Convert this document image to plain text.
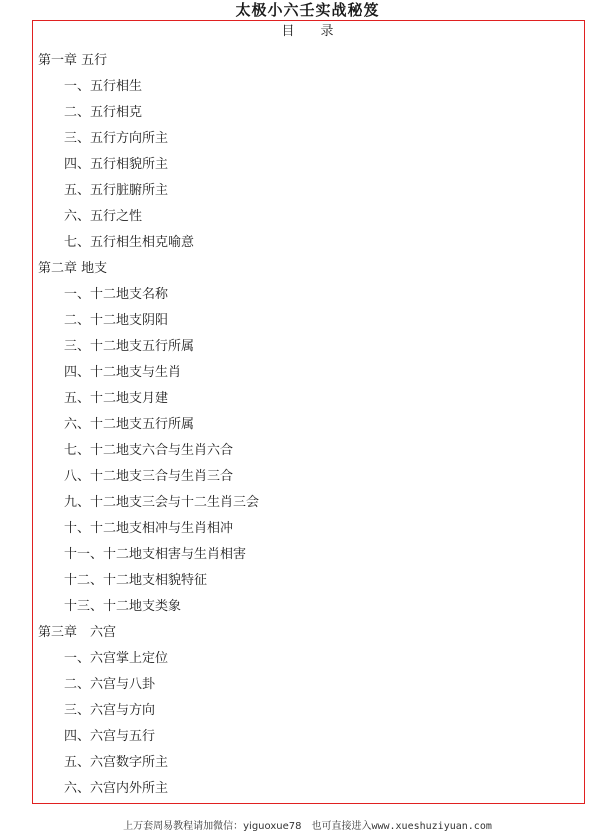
太极小六壬实战秘笈
目录
第一章 五行
一、五行相生
二、五行相克
三、五行方向所主
四、五行相貌所主
五、五行脏腑所主
六、五行之性
七、五行相生相克喻意
第二章 地支
一、十二地支名称
二、十二地支阴阳
三、十二地支五行所属
四、十二地支与生肖
五、十二地支月建
六、十二地支五行所属
七、十二地支六合与生肖六合
八、十二地支三合与生肖三合
九、十二地支三会与十二生肖三会
十、十二地支相冲与生肖相冲
十一、十二地支相害与生肖相害
十二、十二地支相貌特征
十三、十二地支类象
第三章　六宫
一、六宫掌上定位
二、六宫与八卦
三、六宫与方向
四、六宫与五行
五、六宫数字所主
六、六宫内外所主
上万套周易教程请加微信：yiguoxue78　也可直接进入www.xueshuziyuan.com
